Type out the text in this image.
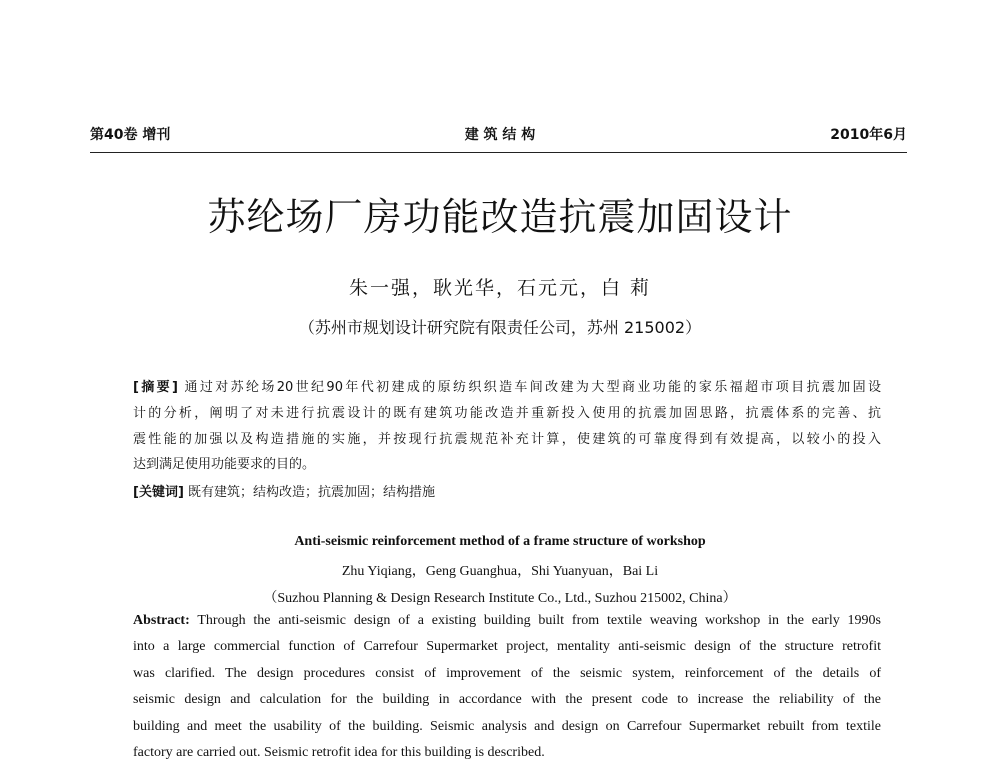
第40卷 增刊	建 筑 结 构	2010年6月
苏纶场厂房功能改造抗震加固设计
朱一强，耿光华，石元元，白 莉
（苏州市规划设计研究院有限责任公司，苏州 215002）
[摘要] 通过对苏纶场20世纪90年代初建成的原纺织织造车间改建为大型商业功能的家乐福超市项目抗震加固设
计的分析，阐明了对未进行抗震设计的既有建筑功能改造并重新投入使用的抗震加固思路，抗震体系的完善、抗
震性能的加强以及构造措施的实施，并按现行抗震规范补充计算，使建筑的可靠度得到有效提高，以较小的投入
达到满足使用功能要求的目的。
[关键词] 既有建筑；结构改造；抗震加固；结构措施
Anti-seismic reinforcement method of a frame structure of workshop
Zhu Yiqiang，Geng Guanghua，Shi Yuanyuan，Bai Li
（Suzhou Planning & Design Research Institute Co., Ltd., Suzhou 215002, China）
Abstract: Through the anti-seismic design of a existing building built from textile weaving workshop in the early 1990s
into a large commercial function of Carrefour Supermarket project, mentality anti-seismic design of the structure retrofit
was clarified. The design procedures consist of improvement of the seismic system, reinforcement of the details of
seismic design and calculation for the building in accordance with the present code to increase the reliability of the
building and meet the usability of the building. Seismic analysis and design on Carrefour Supermarket rebuilt from textile
factory are carried out. Seismic retrofit idea for this building is described.
